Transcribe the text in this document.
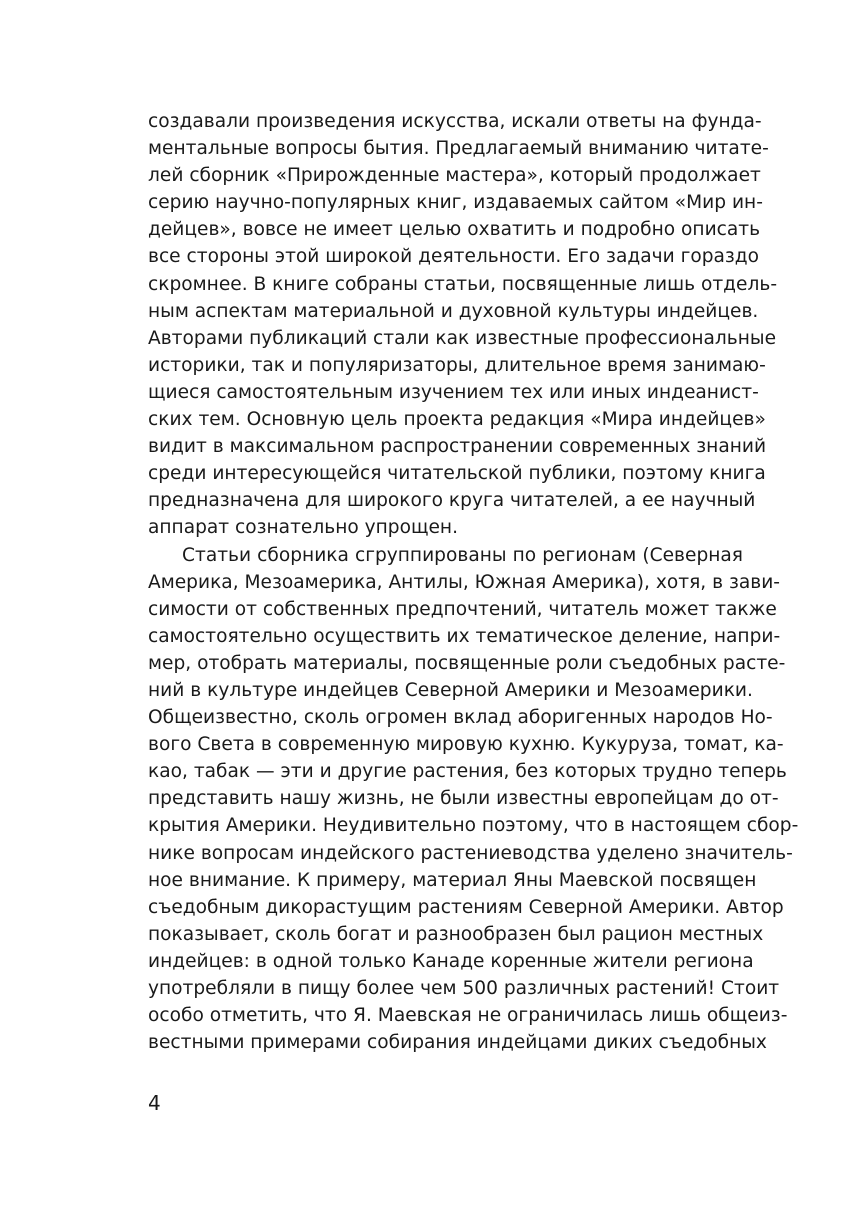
создавали произведения искусства, искали ответы на фунда-
ментальные вопросы бытия. Предлагаемый вниманию читате-
лей сборник «Прирожденные мастера», который продолжает
серию научно-популярных книг, издаваемых сайтом «Мир ин-
дейцев», вовсе не имеет целью охватить и подробно описать
все стороны этой широкой деятельности. Его задачи гораздо
скромнее. В книге собраны статьи, посвященные лишь отдель-
ным аспектам материальной и духовной культуры индейцев.
Авторами публикаций стали как известные профессиональные
историки, так и популяризаторы, длительное время занимаю-
щиеся самостоятельным изучением тех или иных индеанист-
ских тем. Основную цель проекта редакция «Мира индейцев»
видит в максимальном распространении современных знаний
среди интересующейся читательской публики, поэтому книга
предназначена для широкого круга читателей, а ее научный
аппарат сознательно упрощен.
Статьи сборника сгруппированы по регионам (Северная
Америка, Мезоамерика, Антилы, Южная Америка), хотя, в зави-
симости от собственных предпочтений, читатель может также
самостоятельно осуществить их тематическое деление, напри-
мер, отобрать материалы, посвященные роли съедобных расте-
ний в культуре индейцев Северной Америки и Мезоамерики.
Общеизвестно, сколь огромен вклад аборигенных народов Но-
вого Света в современную мировую кухню. Кукуруза, томат, ка-
као, табак — эти и другие растения, без которых трудно теперь
представить нашу жизнь, не были известны европейцам до от-
крытия Америки. Неудивительно поэтому, что в настоящем сбор-
нике вопросам индейского растениеводства уделено значитель-
ное внимание. К примеру, материал Яны Маевской посвящен
съедобным дикорастущим растениям Северной Америки. Автор
показывает, сколь богат и разнообразен был рацион местных
индейцев: в одной только Канаде коренные жители региона
употребляли в пищу более чем 500 различных растений! Стоит
особо отметить, что Я. Маевская не ограничилась лишь общеиз-
вестными примерами собирания индейцами диких съедобных
4
